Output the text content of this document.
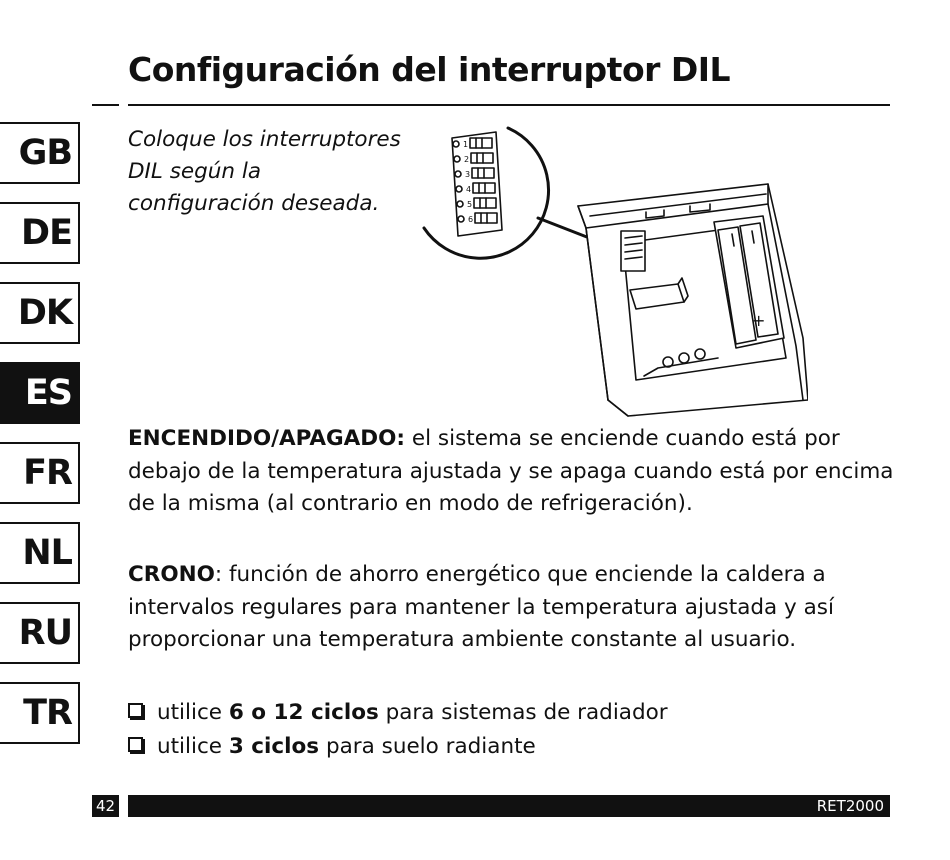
Configuración del interruptor DIL
GB
DE
DK
ES
FR
NL
RU
TR

Coloque los interruptores
DIL según la
configuración deseada.

+
1
2
3
4
5
6

ENCENDIDO/APAGADO: el sistema se enciende cuando está por debajo de la temperatura ajustada y se apaga cuando está por encima de la misma (al contrario en modo de refrigeración).

CRONO: función de ahorro energético que enciende la caldera a intervalos regulares para mantener la temperatura ajustada y así proporcionar una temperatura ambiente constante al usuario.

utilice 6 o 12 ciclos para sistemas de radiador
utilice 3 ciclos para suelo radiante
42	RET2000
